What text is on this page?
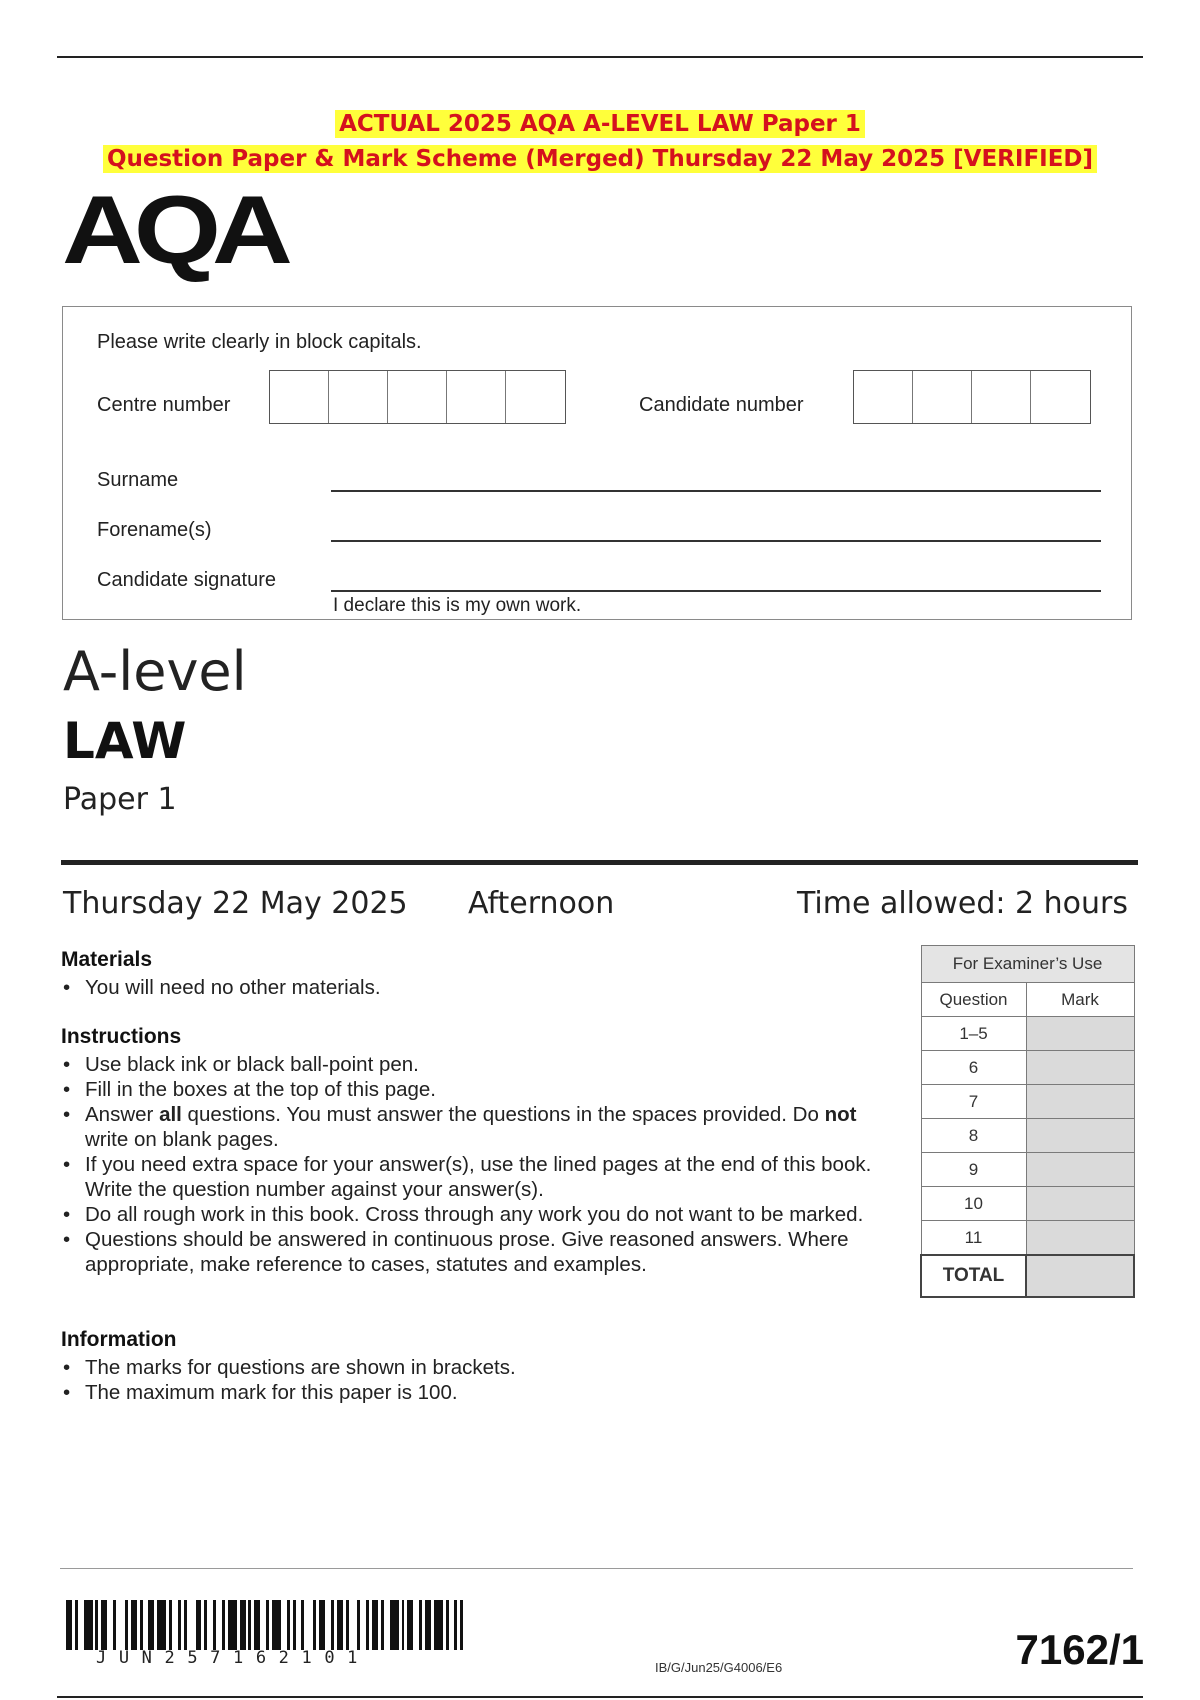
ACTUAL 2025 AQA A-LEVEL LAW Paper 1
Question Paper & Mark Scheme (Merged) Thursday 22 May 2025 [VERIFIED]
AQA
Please write clearly in block capitals.
Centre number	Candidate number
Surname
Forename(s)
Candidate signature
I declare this is my own work.
A-level
LAW
Paper 1
Thursday 22 May 2025 Afternoon	Time allowed: 2 hours
Materials
• You will need no other materials.
Instructions
• Use black ink or black ball-point pen.
• Fill in the boxes at the top of this page.
• Answer all questions. You must answer the questions in the spaces provided. Do not write on blank pages.
• If you need extra space for your answer(s), use the lined pages at the end of this book. Write the question number against your answer(s).
• Do all rough work in this book. Cross through any work you do not want to be marked.
• Questions should be answered in continuous prose. Give reasoned answers. Where appropriate, make reference to cases, statutes and examples.
Information
• The marks for questions are shown in brackets.
• The maximum mark for this paper is 100.
For Examiner’s Use	
Question	Mark
1–5	
6	
7	
8	
9	
10	
11	
TOTAL	
JUN257162101	IB/G/Jun25/G4006/E6	7162/1
